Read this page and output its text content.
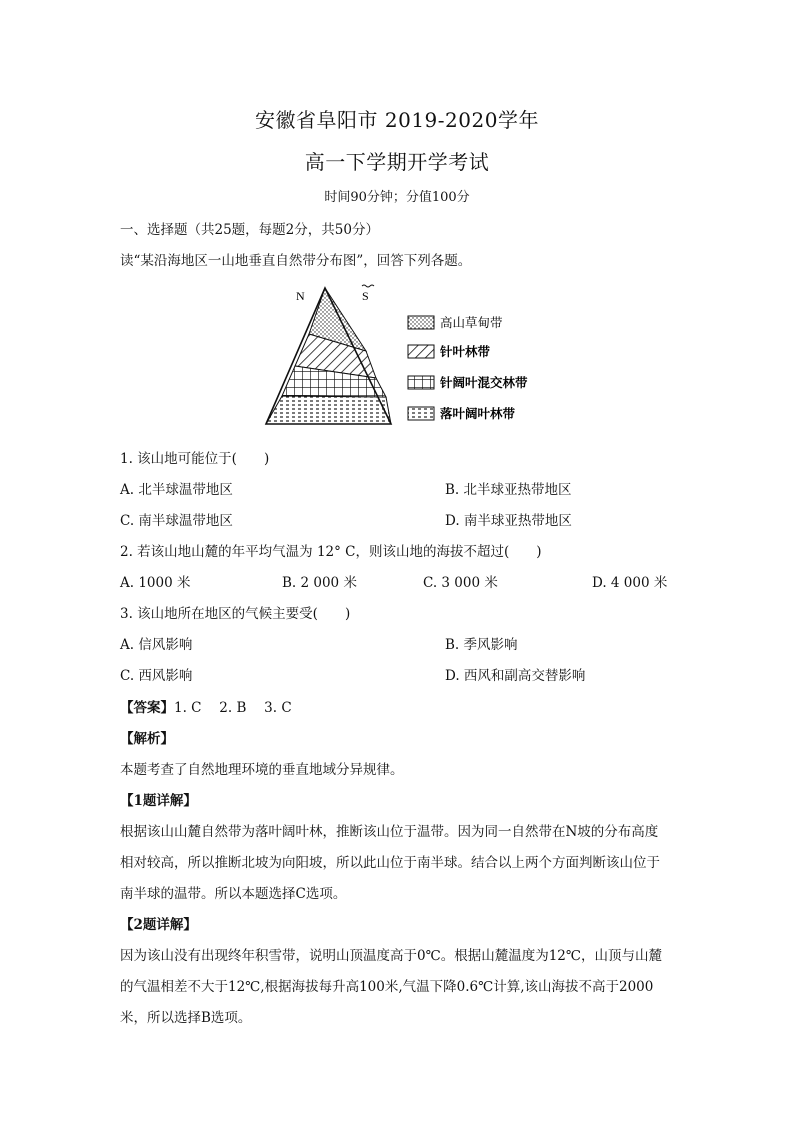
安徽省阜阳市 2019-2020学年
高一下学期开学考试
时间90分钟；分值100分
一、选择题（共25题，每题2分，共50分）
读“某沿海地区一山地垂直自然带分布图”，回答下列各题。
N	S
高山草甸带
针叶林带
针阔叶混交林带
落叶阔叶林带
1. 该山地可能位于(　　)
A. 北半球温带地区	B. 北半球亚热带地区
C. 南半球温带地区	D. 南半球亚热带地区
2. 若该山地山麓的年平均气温为 12° C，则该山地的海拔不超过(　　)
A. 1000 米	B. 2 000 米	C. 3 000 米	D. 4 000 米
3. 该山地所在地区的气候主要受(　　)
A. 信风影响	B. 季风影响
C. 西风影响	D. 西风和副高交替影响
【答案】1. C　 2. B　 3. C
【解析】
本题考查了自然地理环境的垂直地域分异规律。
【1题详解】
根据该山山麓自然带为落叶阔叶林，推断该山位于温带。因为同一自然带在N坡的分布高度
相对较高，所以推断北坡为向阳坡，所以此山位于南半球。结合以上两个方面判断该山位于
南半球的温带。所以本题选择C选项。
【2题详解】
因为该山没有出现终年积雪带，说明山顶温度高于0℃。根据山麓温度为12℃，山顶与山麓
的气温相差不大于12℃,根据海拔每升高100米,气温下降0.6℃计算,该山海拔不高于2000
米，所以选择B选项。
